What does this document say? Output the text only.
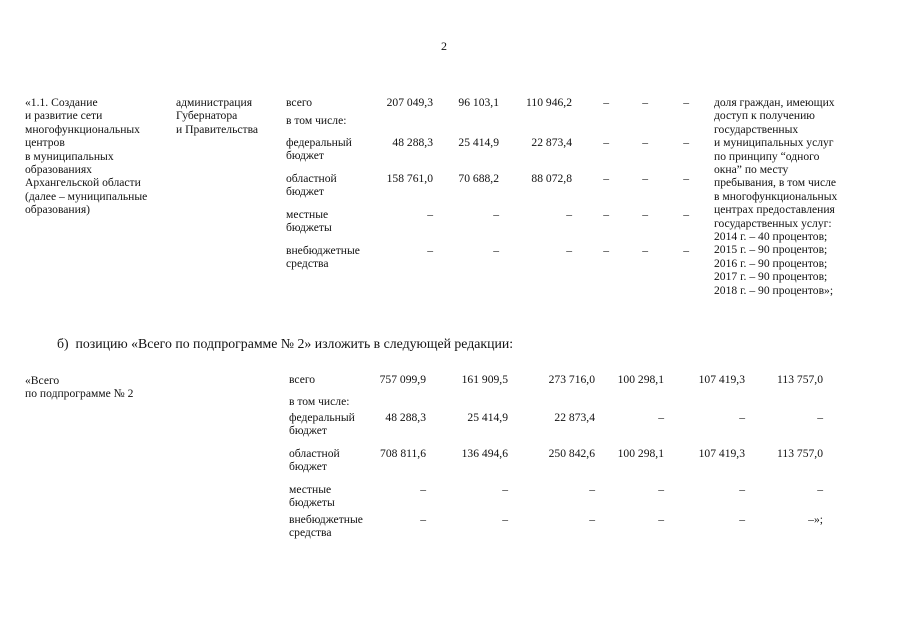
2
«1.1. Создание
и развитие сети
многофункциональных
центров
в муниципальных
образованиях
Архангельской области
(далее – муниципальные
образования)
администрация
Губернатора
и Правительства
доля граждан, имеющих
доступ к получению
государственных
и муниципальных услуг
по принципу “одного
окна” по месту
пребывания, в том числе
в многофункциональных
центрах предоставления
государственных услуг:
2014 г. – 40 процентов;
2015 г. – 90 процентов;
2016 г. – 90 процентов;
2017 г. – 90 процентов;
2018 г. – 90 процентов»;
всего	207 049,3	96 103,1	110 946,2	–	–	–
в том числе:
федеральный
бюджет
48 288,3	25 414,9	22 873,4	–	–	–
областной
бюджет
158 761,0	70 688,2	88 072,8	–	–	–
местные
бюджеты
–	–	–	–	–	–
внебюджетные
средства
–	–	–	–	–	–
б)  позицию «Всего по подпрограмме № 2» изложить в следующей редакции:
«Всего
по подпрограмме № 2
всего	757 099,9	161 909,5	273 716,0	100 298,1	107 419,3	113 757,0
в том числе:
федеральный
бюджет
48 288,3	25 414,9	22 873,4	–	–	–
областной
бюджет
708 811,6	136 494,6	250 842,6	100 298,1	107 419,3	113 757,0
местные
бюджеты
–	–	–	–	–	–
внебюджетные
средства
–	–	–	–	–	–»;
